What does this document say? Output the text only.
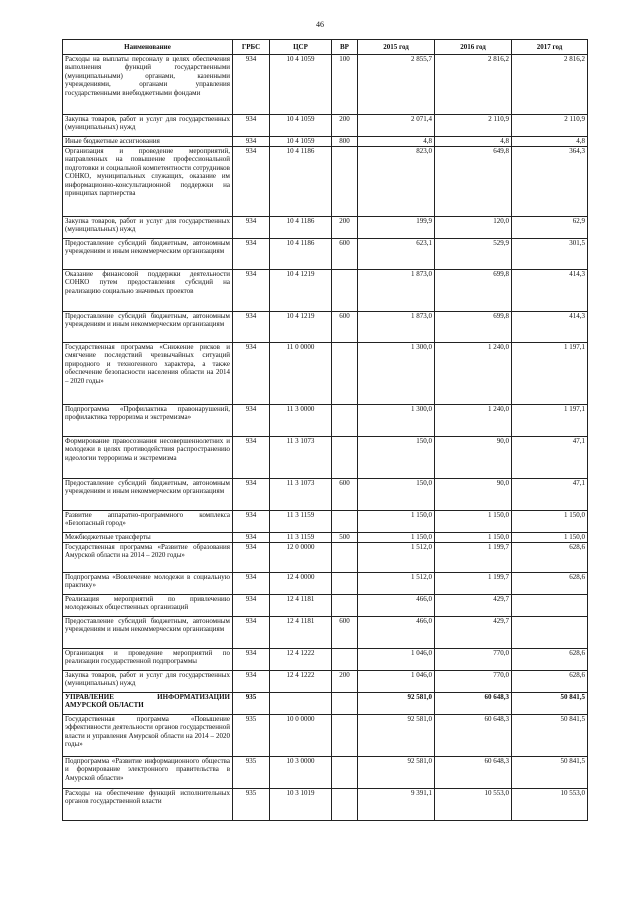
46
Наименование	ГРБС	ЦСР	ВР	2015 год	2016 год	2017 год
Расходы на выплаты персоналу в целях обеспечения выполнения функций государственными (муниципальными) органами, казенными учреждениями, органами управления государственными внебюджетными фондами	934	10 4 1059	100	2 855,7	2 816,2	2 816,2
Закупка товаров, работ и услуг для государственных (муниципальных) нужд	934	10 4 1059	200	2 071,4	2 110,9	2 110,9
Иные бюджетные ассигнования	934	10 4 1059	800	4,8	4,8	4,8
Организация и проведение мероприятий, направленных на повышение профессиональной подготовки и социальной компетентности сотрудников СОНКО, муниципальных служащих, оказание им информационно-консультационной поддержки на принципах партнерства	934	10 4 1186		823,0	649,8	364,3
Закупка товаров, работ и услуг для государственных (муниципальных) нужд	934	10 4 1186	200	199,9	120,0	62,9
Предоставление субсидий бюджетным, автономным учреждениям и иным некоммерческим организациям	934	10 4 1186	600	623,1	529,9	301,5
Оказание финансовой поддержки деятельности СОНКО путем предоставления субсидий на реализацию социально значимых проектов	934	10 4 1219		1 873,0	699,8	414,3
Предоставление субсидий бюджетным, автономным учреждениям и иным некоммерческим организациям	934	10 4 1219	600	1 873,0	699,8	414,3
Государственная программа «Снижение рисков и смягчение последствий чрезвычайных ситуаций природного и техногенного характера, а также обеспечение безопасности населения области на 2014 – 2020 годы»	934	11 0 0000		1 300,0	1 240,0	1 197,1
Подпрограмма «Профилактика правонарушений, профилактика терроризма и экстремизма»	934	11 3 0000		1 300,0	1 240,0	1 197,1
Формирование правосознания несовершеннолетних и молодежи в целях противодействия распространению идеологии терроризма и экстремизма	934	11 3 1073		150,0	90,0	47,1
Предоставление субсидий бюджетным, автономным учреждениям и иным некоммерческим организациям	934	11 3 1073	600	150,0	90,0	47,1
Развитие аппаратно-программного комплекса «Безопасный город»	934	11 3 1159		1 150,0	1 150,0	1 150,0
Межбюджетные трансферты	934	11 3 1159	500	1 150,0	1 150,0	1 150,0
Государственная программа «Развитие образования Амурской области на 2014 – 2020 годы»	934	12 0 0000		1 512,0	1 199,7	628,6
Подпрограмма «Вовлечение молодежи в социальную практику»	934	12 4 0000		1 512,0	1 199,7	628,6
Реализация мероприятий по привлечению молодежных общественных организаций	934	12 4 1181		466,0	429,7	
Предоставление субсидий бюджетным, автономным учреждениям и иным некоммерческим организациям	934	12 4 1181	600	466,0	429,7	
Организация и проведение мероприятий по реализации государственной подпрограммы	934	12 4 1222		1 046,0	770,0	628,6
Закупка товаров, работ и услуг для государственных (муниципальных) нужд	934	12 4 1222	200	1 046,0	770,0	628,6
УПРАВЛЕНИЕ ИНФОРМАТИЗАЦИИ АМУРСКОЙ ОБЛАСТИ	935			92 581,0	60 648,3	50 841,5
Государственная программа «Повышение эффективности деятельности органов государственной власти и управления Амурской области на 2014 – 2020 годы»	935	10 0 0000		92 581,0	60 648,3	50 841,5
Подпрограмма «Развитие информационного общества и формирование электронного правительства в Амурской области»	935	10 3 0000		92 581,0	60 648,3	50 841,5
Расходы на обеспечение функций исполнительных органов государственной власти	935	10 3 1019		9 391,1	10 553,0	10 553,0
